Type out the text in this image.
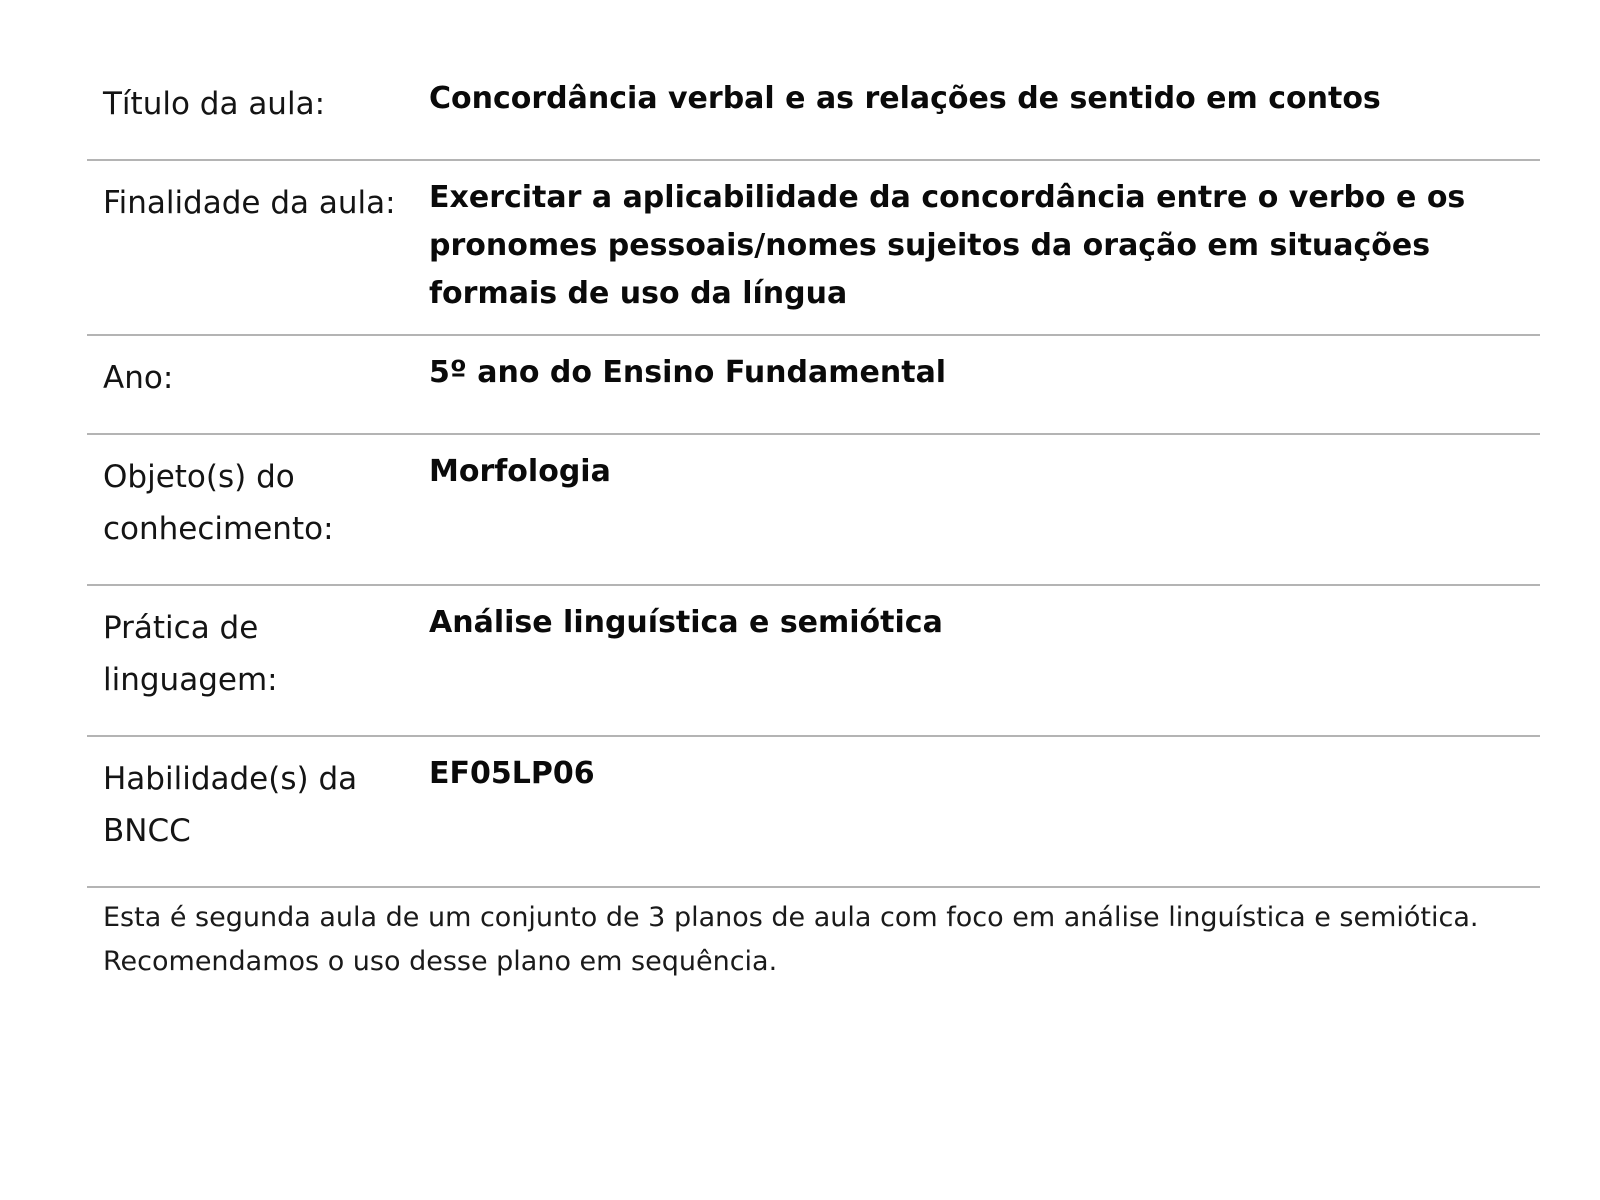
Título da aula:	Concordância verbal e as relações de sentido em contos
Finalidade da aula:	Exercitar a aplicabilidade da concordância entre o verbo e os pronomes pessoais/nomes sujeitos da oração em situações formais de uso da língua
Ano:	5º ano do Ensino Fundamental
Objeto(s) do conhecimento:	Morfologia
Prática de linguagem:	Análise linguística e semiótica
Habilidade(s) da BNCC	EF05LP06
Esta é segunda aula de um conjunto de 3 planos de aula com foco em análise linguística e semiótica. Recomendamos o uso desse plano em sequência.
